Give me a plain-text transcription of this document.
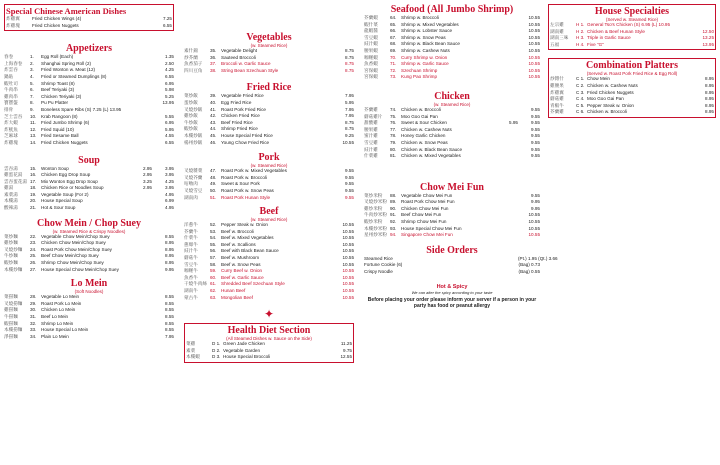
Special Chinese American Dishes
炸雞翼	Fried Chicken Wings (4)	7.25
炸雞塊	Fried Chicken Nuggets	6.55
Appetizers
春卷	1.	Egg Roll (Each)	1.35
上海春卷	2.	Shanghai Spring Roll (2)	2.50
炸雲吞	3.	Fried Wonton w. Meat (12)	4.25
鍋貼	4.	Fried or Steamed Dumplings (8)	6.55
蝦吐司	5.	Shrimp Toast (8)	6.95
牛肉串	6.	Beef Teriyaki (3)	5.98
雞肉串	7.	Chicken Teriyaki (3)	5.25
寶寶盤	8.	Pu Pu Platter	13.95
排骨	9.	Boneless Spare Ribs (S) 7.25 (L) 13.95
芝士雲吞	10.	Krab Rangoon (8)	5.55
炸大蝦	11.	Fried Jumbo Shrimp (6)	6.95
炸魷魚	12.	Fried Squid (10)	5.95
芝麻球	13.	Fried Sesame Ball	4.55
炸雞塊	14.	Fried Chicken Nuggets	6.55
Soup
雲吞湯	15.	Wonton Soup	2.95	3.95
雞蛋花湯	16.	Chicken Egg Drop Soup	2.95	3.95
雲吞蛋花湯 17.	Mix Wonton Egg Drop Soup	3.25	4.25
雞湯	18.	Chicken Rice or Noodles Soup	2.95	3.95
素菜湯	19.	Vegetable Soup (For 2)	4.95
本樓湯	20.	House Special Soup	6.99
酸辣湯	21.	Hot & Sour Soup	4.95
Chow Mein / Chop Suey
(w. Steamed Rice & Crispy Noodles)
菜炒麵	22.	Vegetable Chow Mein/Chop Suey	8.55
雞炒麵	23.	Chicken Chow Mein/Chop Suey	8.95
叉燒炒麵	24.	Roast Pork Chow Mein/Chop Suey	8.95
牛炒麵	25.	Beef Chow Mein/Chop Suey	8.95
蝦炒麵	26.	Shrimp Chow Mein/Chop Suey	8.95
本樓炒麵	27.	House Special Chow Mein/Chop Suey	9.95
Lo Mein
(Soft Noodles)
菜撈麵	28.	Vegetable Lo Mein	8.55
叉燒撈麵	29.	Roast Pork Lo Mein	8.55
雞撈麵	30.	Chicken Lo Mein	8.55
牛撈麵	31.	Beef Lo Mein	8.55
蝦撈麵	32.	Shrimp Lo Mein	8.55
本樓撈麵	33.	House Special Lo Mein	8.55
淨撈麵	34.	Plain Lo Mein	7.95
Vegetables
(w. Steamed Rice)
素什錦	35.	Vegetable Delight	8.75
炒芥蘭	36.	Sauteed Broccoli	8.75
魚香茄子	37.	Broccoli w. Garlic Sauce	8.75
四川豆角	38.	String Bean Szechuan Style	8.75
Fried Rice
菜炒飯	39.	Vegetable Fried Rice	7.95
蛋炒飯	40.	Egg Fried Rice	5.95
叉燒炒飯	41.	Roast Pork Fried Rice	7.95
雞炒飯	42.	Chicken Fried Rice	7.95
牛炒飯	43.	Beef Fried Rice	8.75
蝦炒飯	44.	Shrimp Fried Rice	8.75
本樓炒飯	45.	House Special Fried Rice	9.25
楊州炒飯	46.	Young Chow Fried Rice	10.55
Pork
(w. Steamed Rice)
叉燒雜菜	47.	Roast Pork w. Mixed Vegetables	9.55
叉燒芥蘭	48.	Roast Pork w. Broccoli	9.55
咕嚕肉	49.	Sweet & Sour Pork	9.55
叉燒雪豆	50.	Roast Pork w. Snow Peas	9.55
湖南肉	51.	Roast Pork Hunan Style	9.55
Beef
(w. Steamed Rice)
洋蔥牛	52.	Pepper Steak w. Onion	10.55
芥蘭牛	53.	Beef w. Broccoli	10.55
什菜牛	54.	Beef w. Mixed Vegetables	10.55
蔥爆牛	55.	Beef w. Scallions	10.55
豉汁牛	56.	Beef with Black Bean Sauce	10.55
蘑菇牛	57.	Beef w. Mushroom	10.55
雪豆牛	58.	Beef w. Snow Peas	10.55
咖喱牛	59.	Curry Beef w. Onion	10.55
魚香牛	60.	Beef w. Garlic Sauce	10.55
干燒牛肉絲 61.	Shredded Beef Szechuan Style	10.55
湖南牛	62.	Hunan Beef	10.55
蒙古牛	63.	Mongolian Beef	10.55
✦
Health Diet Section
(All Steamed Dishes w. Sauce on the Side)
菜雞	D 1. Green Jade Chicken	11.25
素菜	D 2. Vegetable Garden	9.75
本樓蝦	D 3. House Special Broccoli	12.55
Seafood (All Jumbo Shrimp)
芥蘭蝦	64.	Shrimp w. Broccoli	10.55
蝦什菜	65.	Shrimp w. Mixed Vegetables	10.55
龍蝦醬	66.	Shrimp w. Lobster Sauce	10.55
雪豆蝦	67.	Shrimp w. Snow Peas	10.55
豉汁蝦	68.	Shrimp w. Black Bean Sauce	10.55
腰果蝦	69.	Shrimp w. Cashew Nuts	10.55
咖喱蝦	70.	Curry Shrimp w. Onion	10.55
魚香蝦	71.	Shrimp w. Garlic Sauce	10.55
宮保蝦	72.	Szechuan Shrimp	10.55
宮保蝦	73.	Kung Pao Shrimp	10.55
Chicken
(w. Steamed Rice)
芥蘭雞	74.	Chicken w. Broccoli	9.55
蘑菇雞片	75.	Moo Goo Gai Pan	9.55
甜酸雞	76.	Sweet & Sour Chicken	5.95	9.55
腰果雞	77.	Chicken w. Cashew Nuts	9.55
蜜汁雞	78.	Honey Garlic Chicken	9.55
雪豆雞	79.	Chicken w. Snow Peas	9.55
豉汁雞	80.	Chicken w. Black Bean Sauce	9.55
什菜雞	81.	Chicken w. Mixed Vegetables	9.55
Chow Mei Fun
菜炒米粉	88.	Vegetable Chow Mei Fun	9.55
叉燒炒米粉 89.	Roast Pork Chow Mei Fun	9.95
雞炒米粉	90.	Chicken Chow Mei Fun	9.95
牛肉炒米粉 91.	Beef Chow Mei Fun	10.55
蝦炒米粉	92.	Shrimp Chow Mei Fun	10.55
本樓炒米粉 93.	House Special Chow Mei Fun	10.55
星州炒米粉 94.	Singapore Chow Mei Fun	10.55
Side Orders
Steamed Rice	(Pt.) 1.95 (Qt.) 3.66
Fortune Cookie (6)	(Bag) 0.73
Crispy Noodle	(Bag) 0.55
Hot & Spicy
We can alter the spicy according to your taste
Before placing your order please inform your server if a person in your party has food or peanut allergy
House Specialties
(Served w. Steamed Rice)
左宗雞	H 1. General Tso's Chicken (S) 6.95 (L) 10.95
湖南雞	H 2. Chicken & Beef Hunan Style	12.50
湖南三味	H 3. Triple in Garlic Sauce	13.25
五福	H 4. Five "G"	13.95
Combination Platters
(Served w. Roast Pork Fried Rice & Egg Roll)
炒雜什	C 1. Chow Mein	8.95
雞腰果	C 2. Chicken w. Cashew Nuts	8.95
炸雞翼	C 3. Fried Chicken Nuggets	8.95
蘑菇雞	C 4. Moo Goo Gai Pan	8.95
青椒牛	C 5. Pepper Steak w. Onion	8.95
芥蘭雞	C 6. Chicken w. Broccoli	8.95
